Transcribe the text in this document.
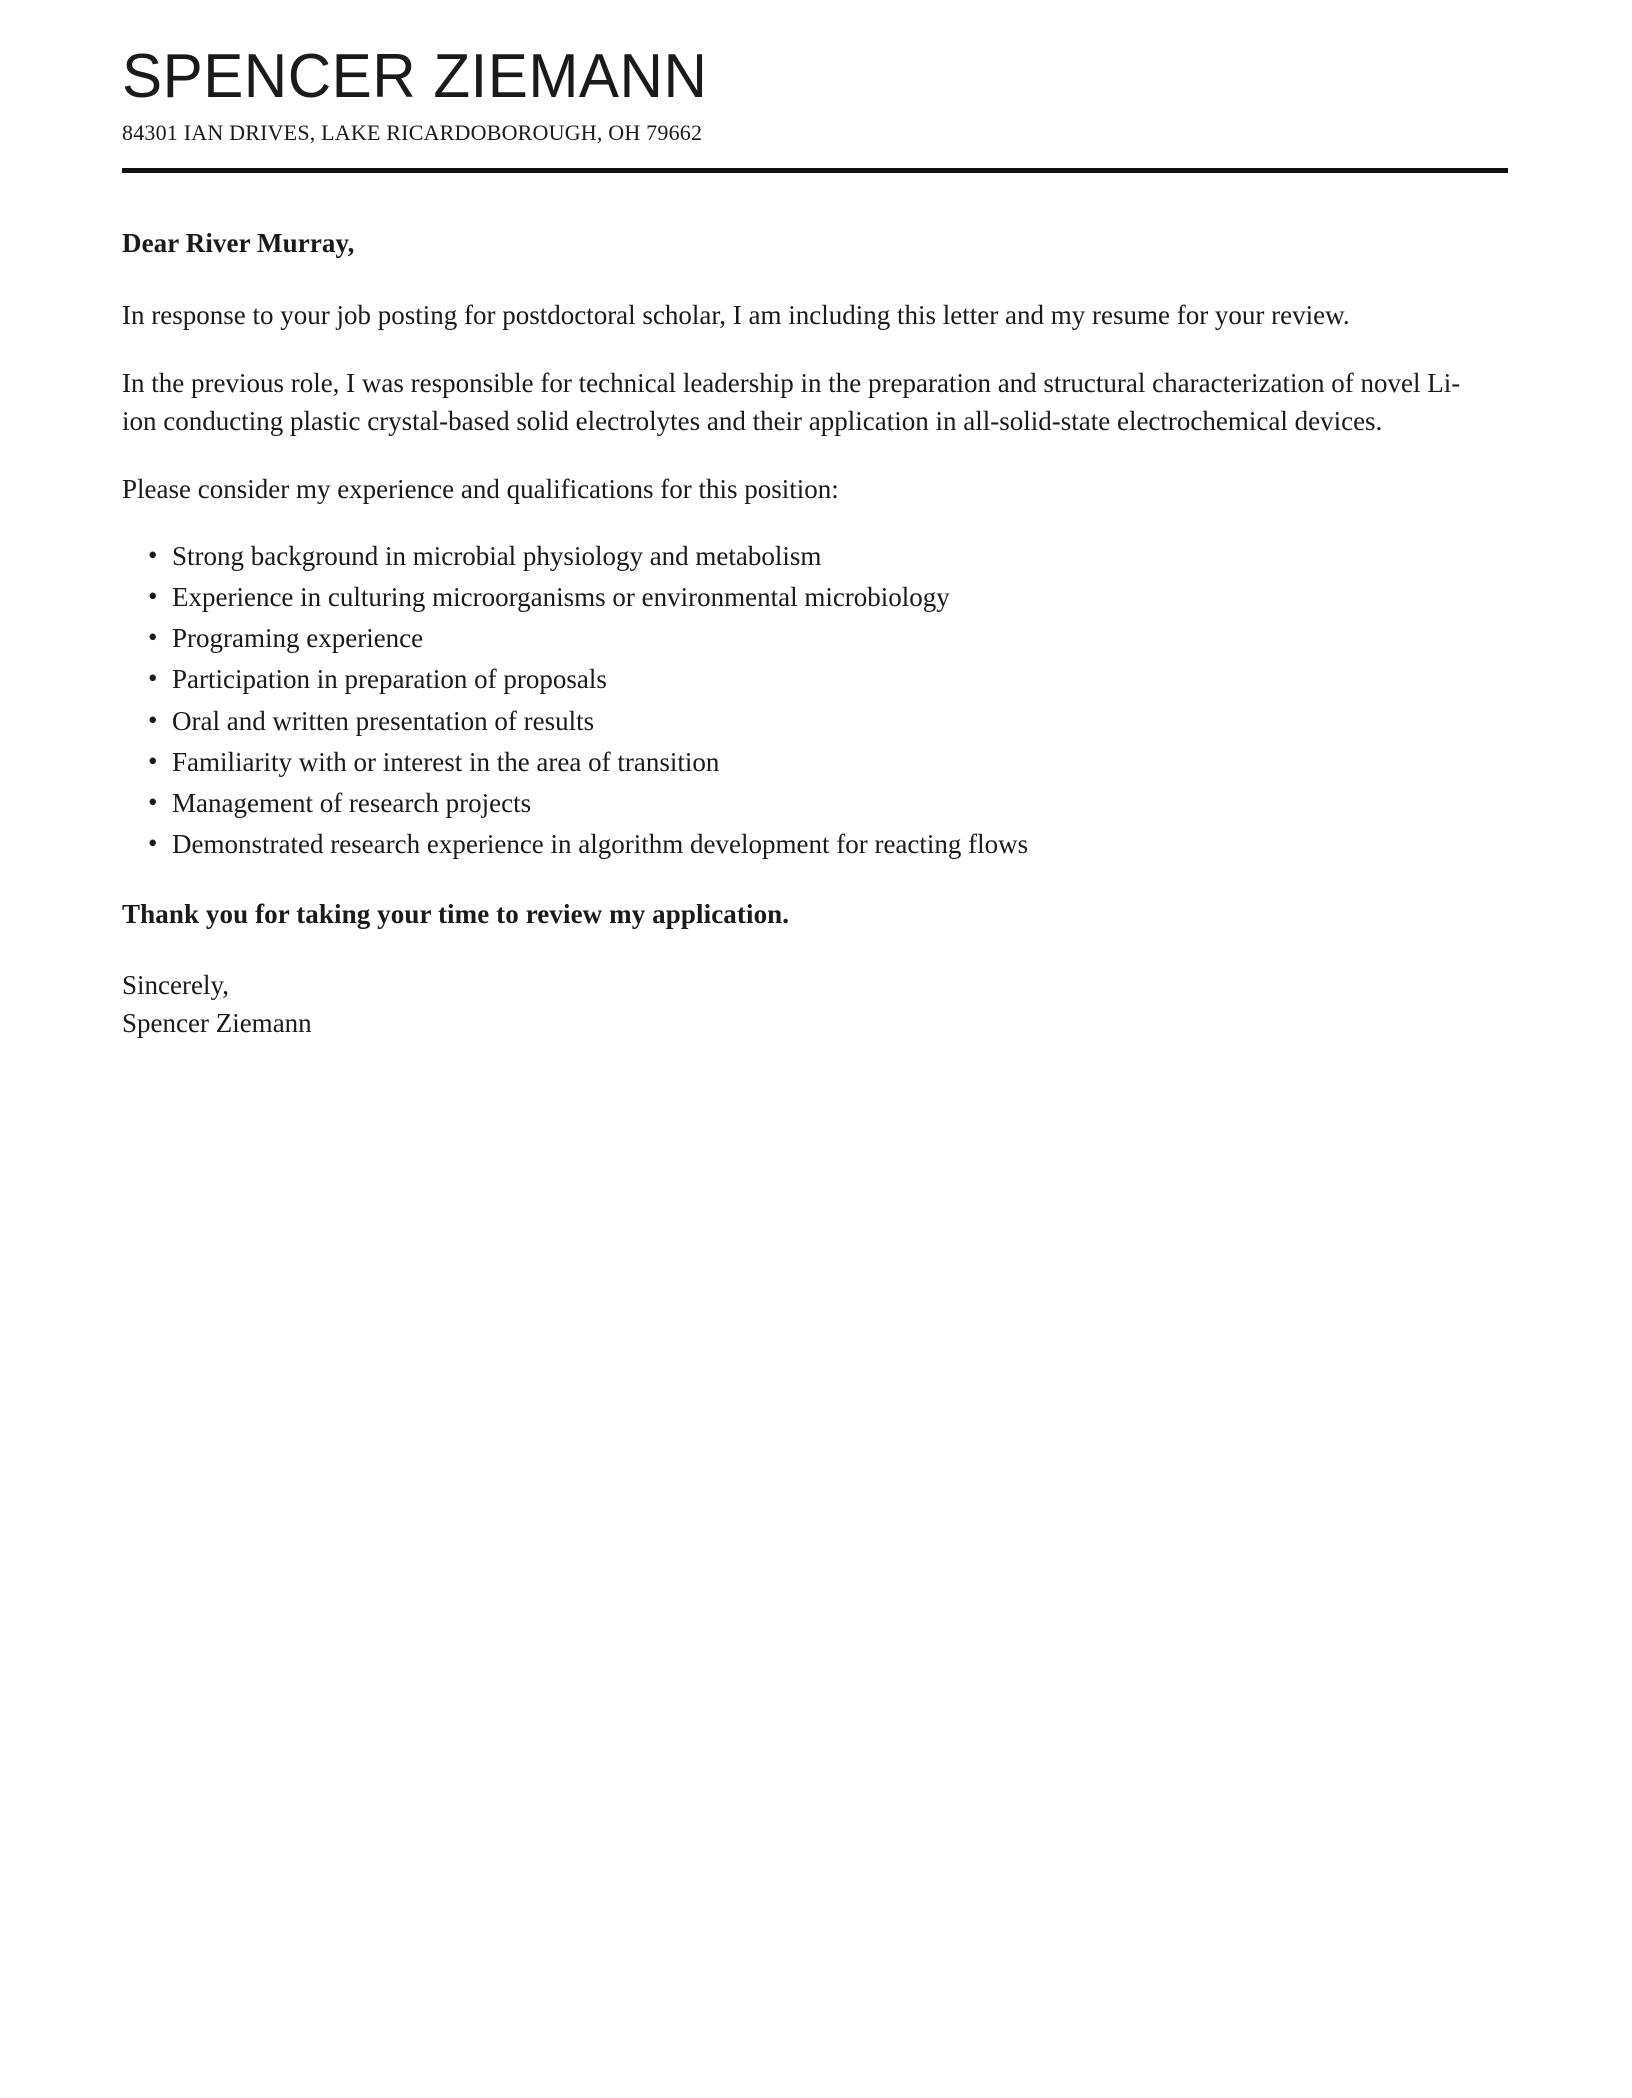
SPENCER ZIEMANN

84301 IAN DRIVES, LAKE RICARDOBOROUGH, OH 79662

Dear River Murray,

In response to your job posting for postdoctoral scholar, I am including this letter and my resume for your review.

In the previous role, I was responsible for technical leadership in the preparation and structural characterization of novel Li-ion conducting plastic crystal-based solid electrolytes and their application in all-solid-state electrochemical devices.

Please consider my experience and qualifications for this position:

• Strong background in microbial physiology and metabolism
• Experience in culturing microorganisms or environmental microbiology
• Programing experience
• Participation in preparation of proposals
• Oral and written presentation of results
• Familiarity with or interest in the area of transition
• Management of research projects
• Demonstrated research experience in algorithm development for reacting flows

Thank you for taking your time to review my application.

Sincerely,
Spencer Ziemann
